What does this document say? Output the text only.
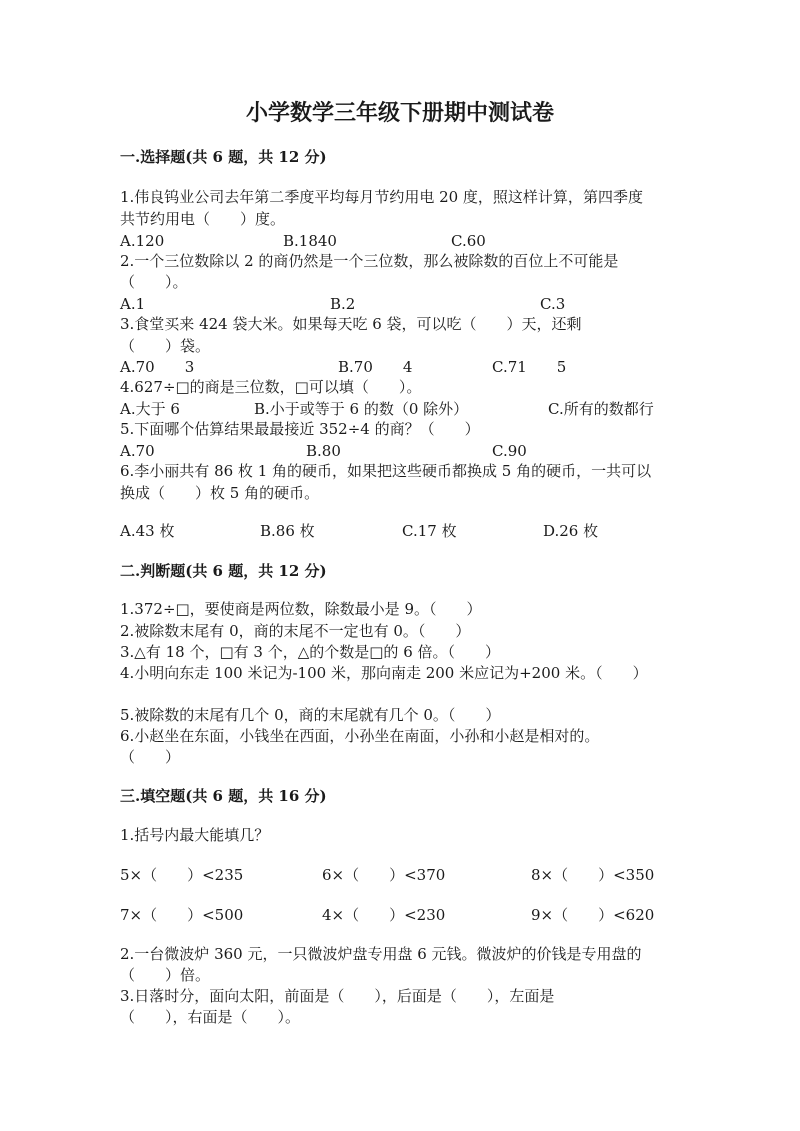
小学数学三年级下册期中测试卷
一.选择题(共 6 题，共 12 分)
1.伟良钨业公司去年第二季度平均每月节约用电 20 度，照这样计算，第四季度
共节约用电（　　）度。
A.120	B.1840	C.60
2.一个三位数除以 2 的商仍然是一个三位数，那么被除数的百位上不可能是
（　　）。
A.1	B.2	C.3
3.食堂买来 424 袋大米。如果每天吃 6 袋，可以吃（　　）天，还剩
（　　）袋。
A.70　　3	B.70　　4	C.71　　5
4.627÷□的商是三位数，□可以填（　　）。
A.大于 6	B.小于或等于 6 的数（0 除外）	C.所有的数都行
5.下面哪个估算结果最最接近 352÷4 的商？（　　）
A.70	B.80	C.90
6.李小丽共有 86 枚 1 角的硬币，如果把这些硬币都换成 5 角的硬币，一共可以
换成（　　）枚 5 角的硬币。
A.43 枚	B.86 枚	C.17 枚	D.26 枚
二.判断题(共 6 题，共 12 分)
1.372÷□，要使商是两位数，除数最小是 9。（　　）
2.被除数末尾有 0，商的末尾不一定也有 0。（　　）
3.△有 18 个，□有 3 个，△的个数是□的 6 倍。（　　）
4.小明向东走 100 米记为-100 米，那向南走 200 米应记为+200 米。（　　）
5.被除数的末尾有几个 0，商的末尾就有几个 0。（　　）
6.小赵坐在东面，小钱坐在西面，小孙坐在南面，小孙和小赵是相对的。
（　　）
三.填空题(共 6 题，共 16 分)
1.括号内最大能填几？
5×（　　）<235	6×（　　）<370	8×（　　）<350
7×（　　）<500	4×（　　）<230	9×（　　）<620
2.一台微波炉 360 元，一只微波炉盘专用盘 6 元钱。微波炉的价钱是专用盘的
（　　）倍。
3.日落时分，面向太阳，前面是（　　），后面是（　　），左面是
（　　），右面是（　　）。
